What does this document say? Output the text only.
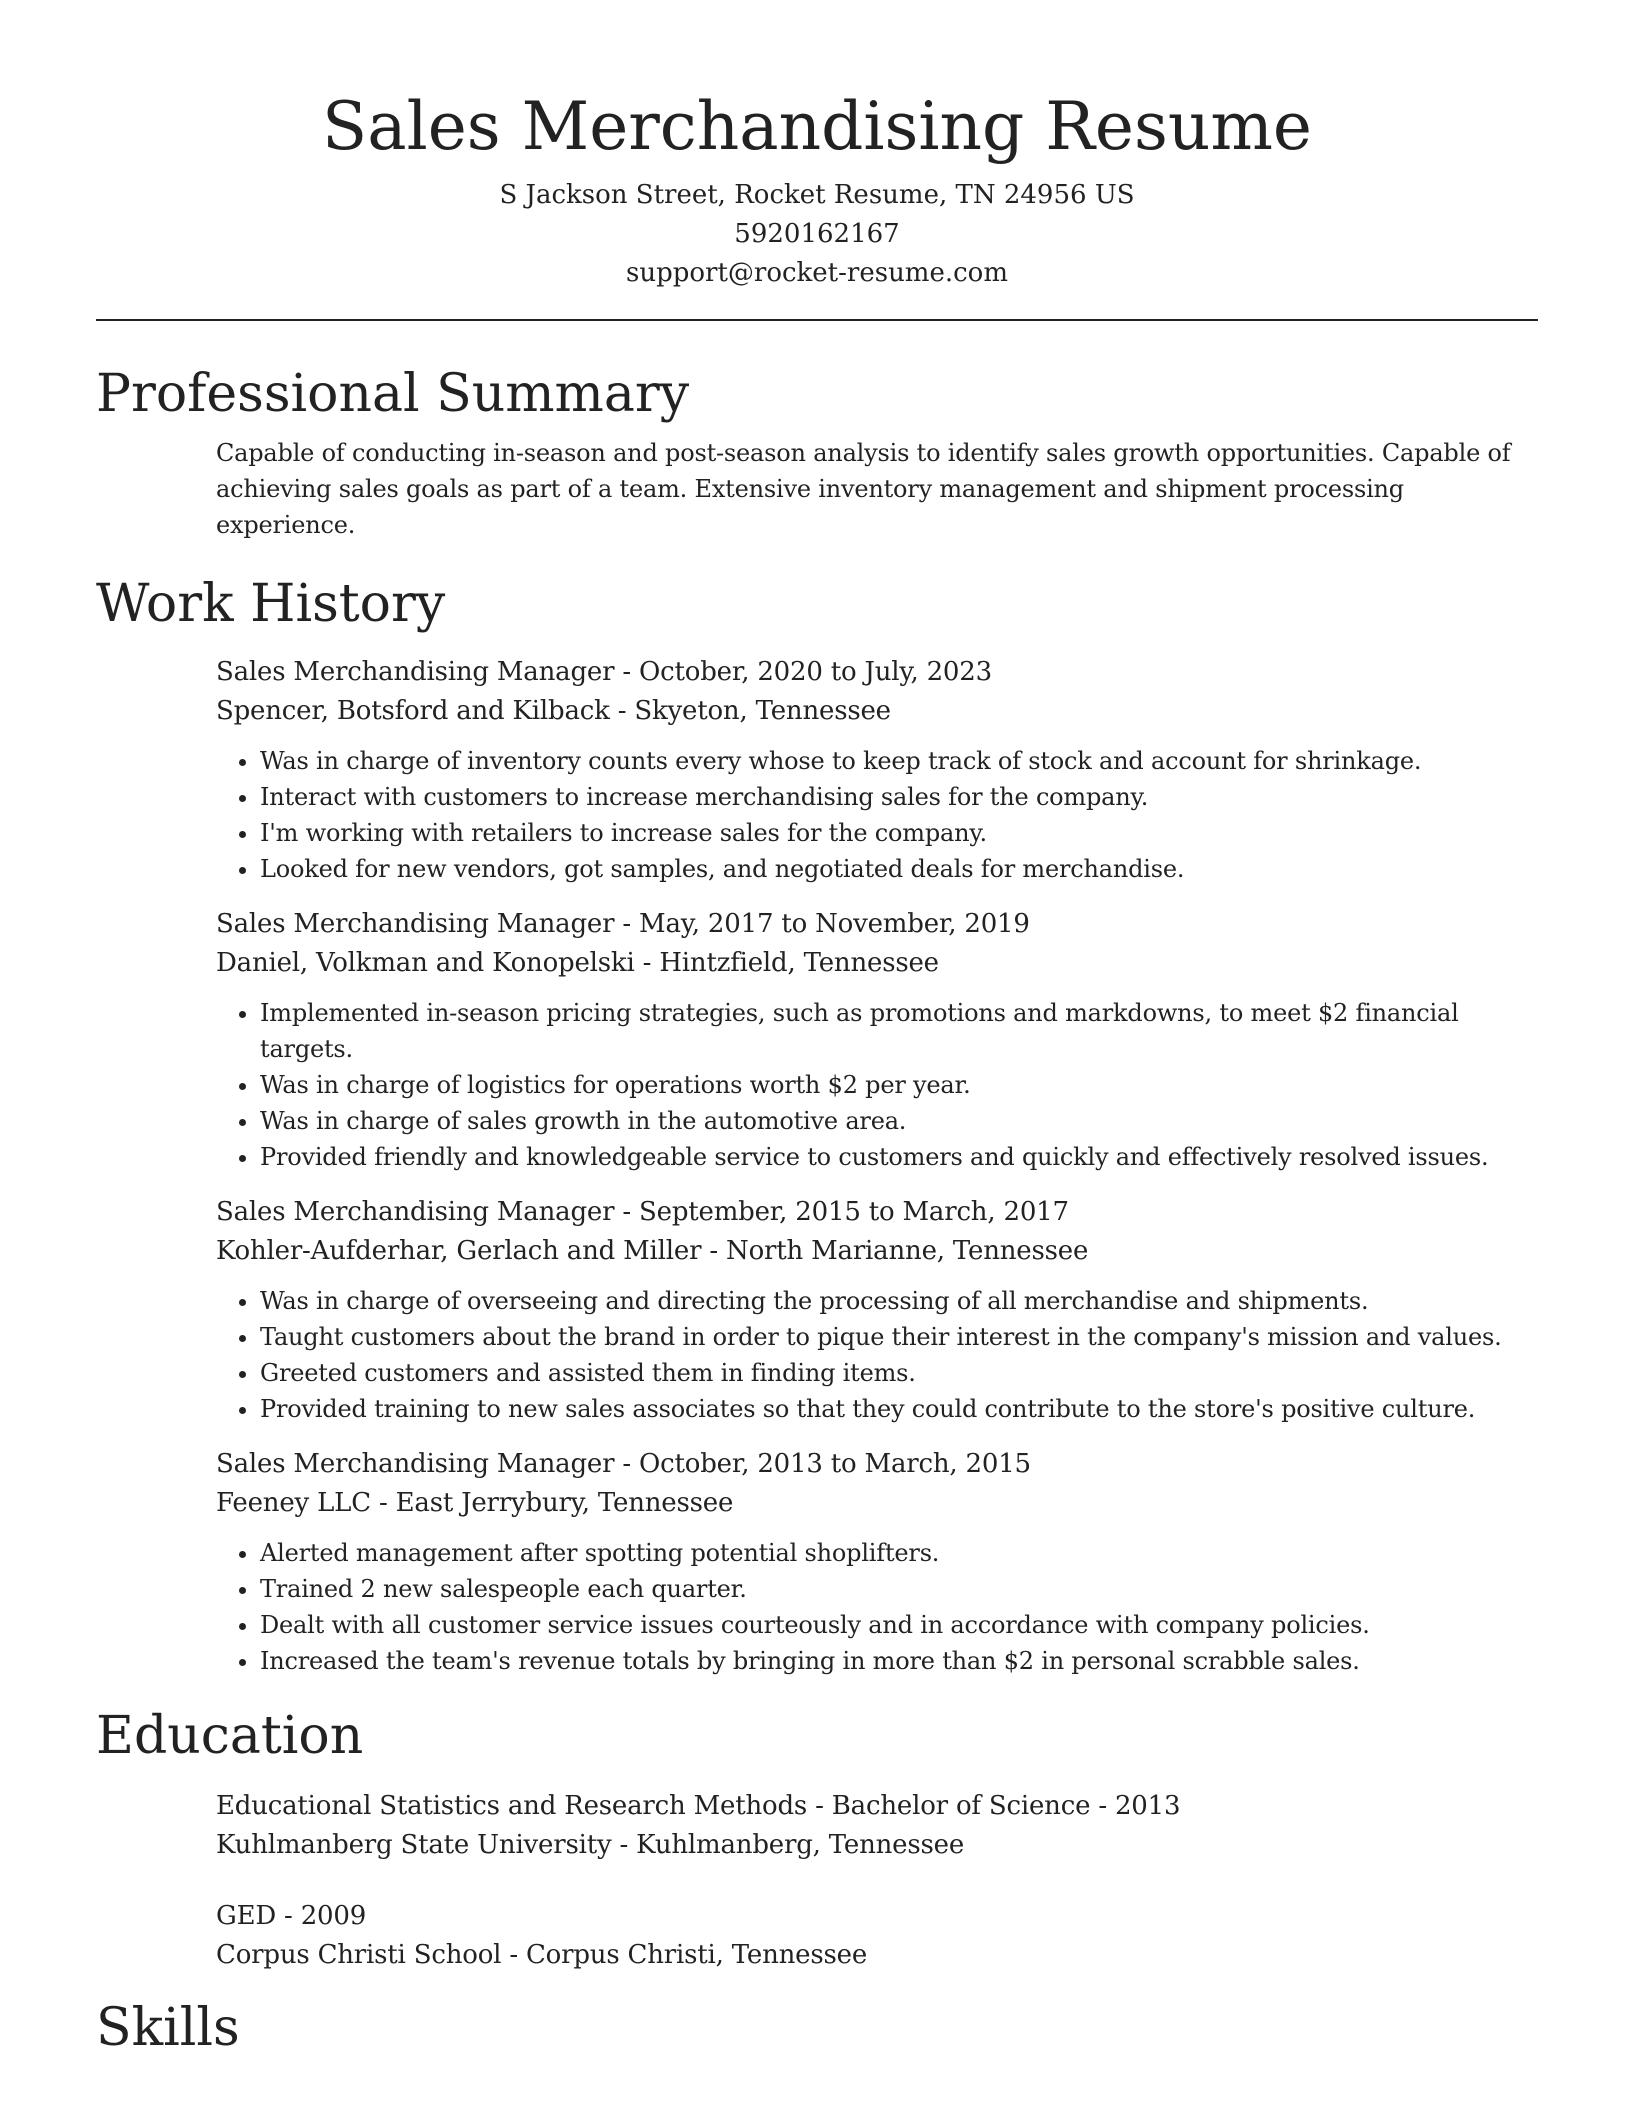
Sales Merchandising Resume

S Jackson Street, Rocket Resume, TN 24956 US

5920162167

support@rocket-resume.com

Professional Summary

Capable of conducting in-season and post-season analysis to identify sales growth opportunities. Capable of achieving sales goals as part of a team. Extensive inventory management and shipment processing experience.

Work History

Sales Merchandising Manager - October, 2020 to July, 2023

Spencer, Botsford and Kilback - Skyeton, Tennessee

• Was in charge of inventory counts every whose to keep track of stock and account for shrinkage.
• Interact with customers to increase merchandising sales for the company.
• I'm working with retailers to increase sales for the company.
• Looked for new vendors, got samples, and negotiated deals for merchandise.

Sales Merchandising Manager - May, 2017 to November, 2019

Daniel, Volkman and Konopelski - Hintzfield, Tennessee

• Implemented in-season pricing strategies, such as promotions and markdowns, to meet $2 financial targets.
• Was in charge of logistics for operations worth $2 per year.
• Was in charge of sales growth in the automotive area.
• Provided friendly and knowledgeable service to customers and quickly and effectively resolved issues.

Sales Merchandising Manager - September, 2015 to March, 2017

Kohler-Aufderhar, Gerlach and Miller - North Marianne, Tennessee

• Was in charge of overseeing and directing the processing of all merchandise and shipments.
• Taught customers about the brand in order to pique their interest in the company's mission and values.
• Greeted customers and assisted them in finding items.
• Provided training to new sales associates so that they could contribute to the store's positive culture.

Sales Merchandising Manager - October, 2013 to March, 2015

Feeney LLC - East Jerrybury, Tennessee

• Alerted management after spotting potential shoplifters.
• Trained 2 new salespeople each quarter.
• Dealt with all customer service issues courteously and in accordance with company policies.
• Increased the team's revenue totals by bringing in more than $2 in personal scrabble sales.
Education

Educational Statistics and Research Methods - Bachelor of Science - 2013

Kuhlmanberg State University - Kuhlmanberg, Tennessee

GED - 2009

Corpus Christi School - Corpus Christi, Tennessee

Skills
